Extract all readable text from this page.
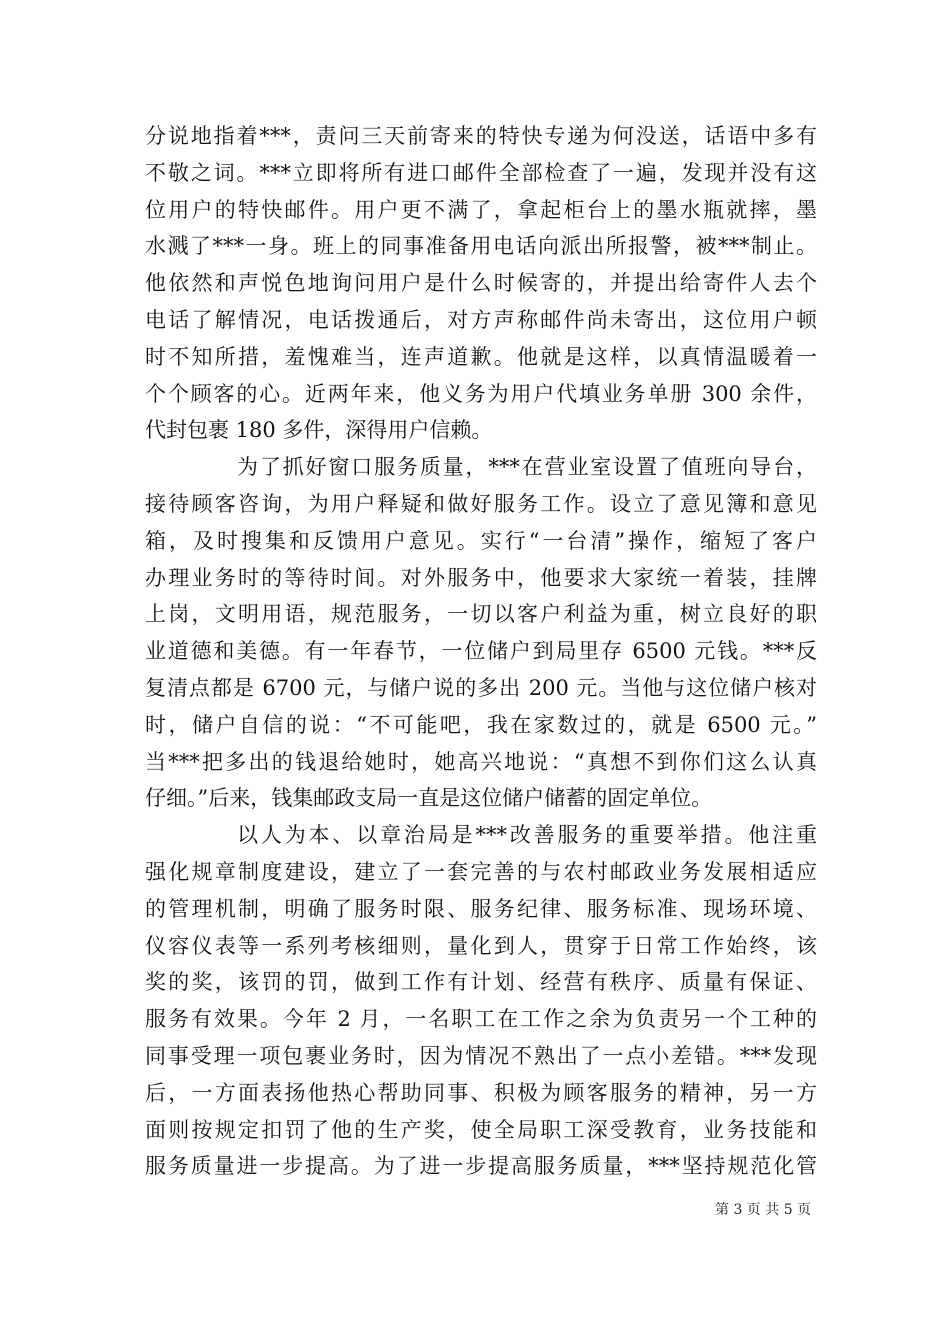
分说地指着***，责问三天前寄来的特快专递为何没送，话语中多有
不敬之词。***立即将所有进口邮件全部检查了一遍，发现并没有这
位用户的特快邮件。用户更不满了，拿起柜台上的墨水瓶就摔，墨
水溅了***一身。班上的同事准备用电话向派出所报警，被***制止。
他依然和声悦色地询问用户是什么时候寄的，并提出给寄件人去个
电话了解情况，电话拨通后，对方声称邮件尚未寄出，这位用户顿
时不知所措，羞愧难当，连声道歉。他就是这样，以真情温暖着一
个个顾客的心。近两年来，他义务为用户代填业务单册 300 余件，
代封包裹 180 多件，深得用户信赖。
为了抓好窗口服务质量，***在营业室设置了值班向导台，
接待顾客咨询，为用户释疑和做好服务工作。设立了意见簿和意见
箱，及时搜集和反馈用户意见。实行“一台清”操作，缩短了客户
办理业务时的等待时间。对外服务中，他要求大家统一着装，挂牌
上岗，文明用语，规范服务，一切以客户利益为重，树立良好的职
业道德和美德。有一年春节，一位储户到局里存 6500 元钱。***反
复清点都是 6700 元，与储户说的多出 200 元。当他与这位储户核对
时，储户自信的说：“不可能吧，我在家数过的，就是 6500 元。”
当***把多出的钱退给她时，她高兴地说：“真想不到你们这么认真
仔细。”后来，钱集邮政支局一直是这位储户储蓄的固定单位。
以人为本、以章治局是***改善服务的重要举措。他注重
强化规章制度建设，建立了一套完善的与农村邮政业务发展相适应
的管理机制，明确了服务时限、服务纪律、服务标准、现场环境、
仪容仪表等一系列考核细则，量化到人，贯穿于日常工作始终，该
奖的奖，该罚的罚，做到工作有计划、经营有秩序、质量有保证、
服务有效果。今年 2 月，一名职工在工作之余为负责另一个工种的
同事受理一项包裹业务时，因为情况不熟出了一点小差错。***发现
后，一方面表扬他热心帮助同事、积极为顾客服务的精神，另一方
面则按规定扣罚了他的生产奖，使全局职工深受教育，业务技能和
服务质量进一步提高。为了进一步提高服务质量，***坚持规范化管
第 3 页 共 5 页
